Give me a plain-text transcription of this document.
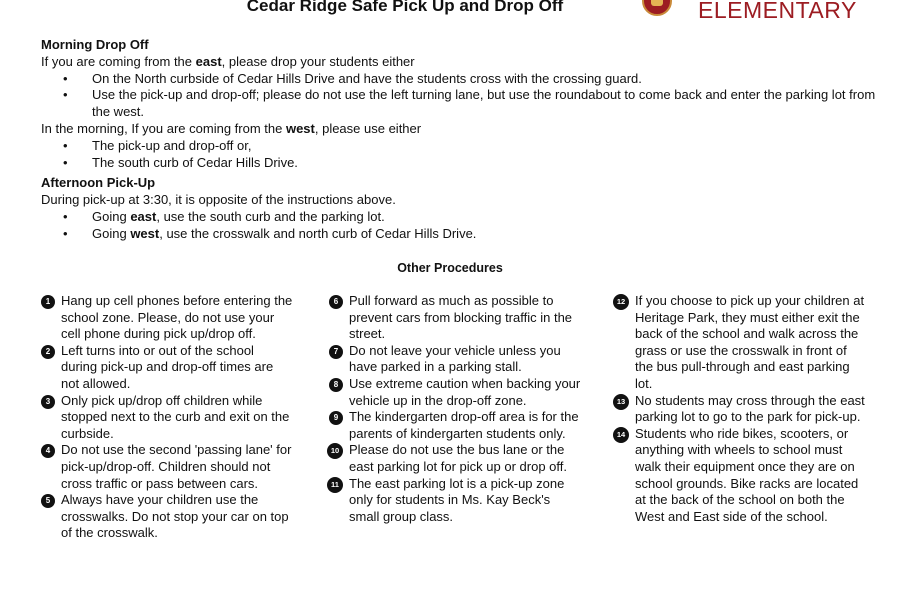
Cedar Ridge Safe Pick Up and Drop Off	ELEMENTARY

Morning Drop Off

If you are coming from the east, please drop your students either

• On the North curbside of Cedar Hills Drive and have the students cross with the crossing guard.
• Use the pick-up and drop-off; please do not use the left turning lane, but use the roundabout to come back and enter the parking lot from the west.

In the morning, If you are coming from the west, please use either

• The pick-up and drop-off or,
• The south curb of Cedar Hills Drive.

Afternoon Pick-Up

During pick-up at 3:30, it is opposite of the instructions above.

• Going east, use the south curb and the parking lot.
• Going west, use the crosswalk and north curb of Cedar Hills Drive.
Other Procedures
1 Hang up cell phones before entering the school zone. Please, do not use your cell phone during pick up/drop off.
2 Left turns into or out of the school during pick-up and drop-off times are not allowed.
3 Only pick up/drop off children while stopped next to the curb and exit on the curbside.
4 Do not use the second 'passing lane' for pick-up/drop-off. Children should not cross traffic or pass between cars.
5 Always have your children use the crosswalks. Do not stop your car on top of the crosswalk.
6 Pull forward as much as possible to prevent cars from blocking traffic in the street.
7 Do not leave your vehicle unless you have parked in a parking stall.
8 Use extreme caution when backing your vehicle up in the drop-off zone.
9 The kindergarten drop-off area is for the parents of kindergarten students only.
10 Please do not use the bus lane or the east parking lot for pick up or drop off.
11 The east parking lot is a pick-up zone only for students in Ms. Kay Beck's small group class.
12 If you choose to pick up your children at Heritage Park, they must either exit the back of the school and walk across the grass or use the crosswalk in front of the bus pull-through and east parking lot.
13 No students may cross through the east parking lot to go to the park for pick-up.
14 Students who ride bikes, scooters, or anything with wheels to school must walk their equipment once they are on school grounds. Bike racks are located at the back of the school on both the West and East side of the school.
